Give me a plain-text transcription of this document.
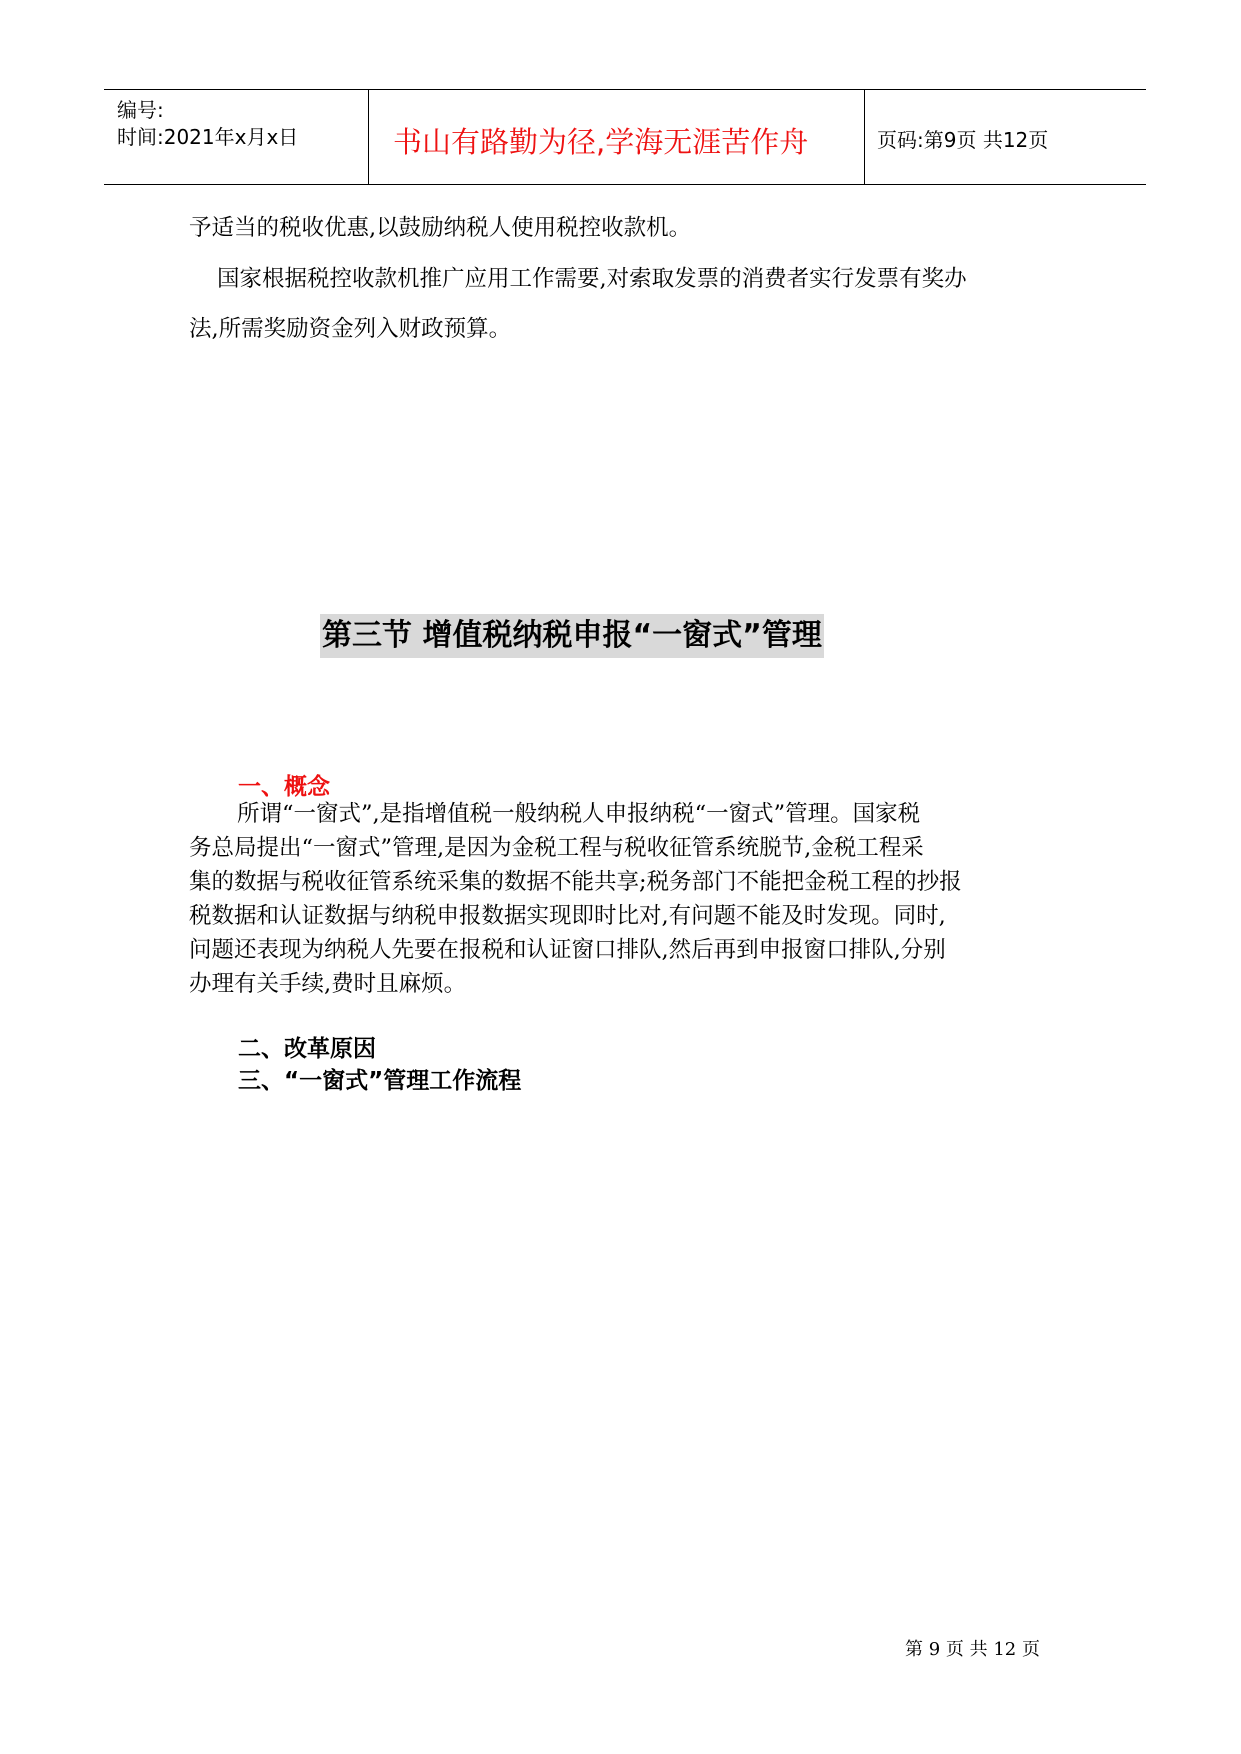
编号:
时间:2021年x月x日	书山有路勤为径,学海无涯苦作舟	页码:第9页 共12页
予适当的税收优惠,以鼓励纳税人使用税控收款机。
国家根据税控收款机推广应用工作需要,对索取发票的消费者实行发票有奖办
法,所需奖励资金列入财政预算。
第三节 增值税纳税申报“一窗式”管理
一、概念
所谓“一窗式”,是指增值税一般纳税人申报纳税“一窗式”管理。国家税
务总局提出“一窗式”管理,是因为金税工程与税收征管系统脱节,金税工程采
集的数据与税收征管系统采集的数据不能共享;税务部门不能把金税工程的抄报
税数据和认证数据与纳税申报数据实现即时比对,有问题不能及时发现。同时,
问题还表现为纳税人先要在报税和认证窗口排队,然后再到申报窗口排队,分别
办理有关手续,费时且麻烦。
二、改革原因
三、“一窗式”管理工作流程
第 9 页 共 12 页
